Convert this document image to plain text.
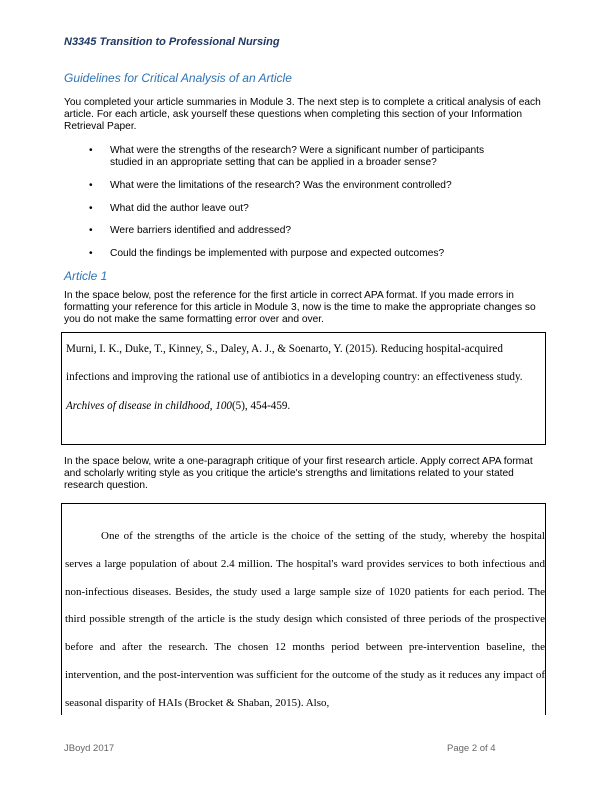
N3345 Transition to Professional Nursing
Guidelines for Critical Analysis of an Article

You completed your article summaries in Module 3. The next step is to complete a critical analysis of each article. For each article, ask yourself these questions when completing this section of your Information Retrieval Paper.

•	What were the strengths of the research? Were a significant number of participants studied in an appropriate setting that can be applied in a broader sense?
•	What were the limitations of the research? Was the environment controlled?
•	What did the author leave out?
•	Were barriers identified and addressed?
•	Could the findings be implemented with purpose and expected outcomes?
Article 1

In the space below, post the reference for the first article in correct APA format. If you made errors in formatting your reference for this article in Module 3, now is the time to make the appropriate changes so you do not make the same formatting error over and over.

Murni, I. K., Duke, T., Kinney, S., Daley, A. J., & Soenarto, Y. (2015). Reducing hospital-acquired infections and improving the rational use of antibiotics in a developing country: an effectiveness study. Archives of disease in childhood, 100(5), 454-459.

In the space below, write a one-paragraph critique of your first research article. Apply correct APA format and scholarly writing style as you critique the article's strengths and limitations related to your stated research question.

One of the strengths of the article is the choice of the setting of the study, whereby the hospital serves a large population of about 2.4 million. The hospital's ward provides services to both infectious and non-infectious diseases. Besides, the study used a large sample size of 1020 patients for each period. The third possible strength of the article is the study design which consisted of three periods of the prospective before and after the research. The chosen 12 months period between pre-intervention baseline, the intervention, and the post-intervention was sufficient for the outcome of the study as it reduces any impact of seasonal disparity of HAIs (Brocket & Shaban, 2015). Also,

JBoyd 2017	Page 2 of 4
